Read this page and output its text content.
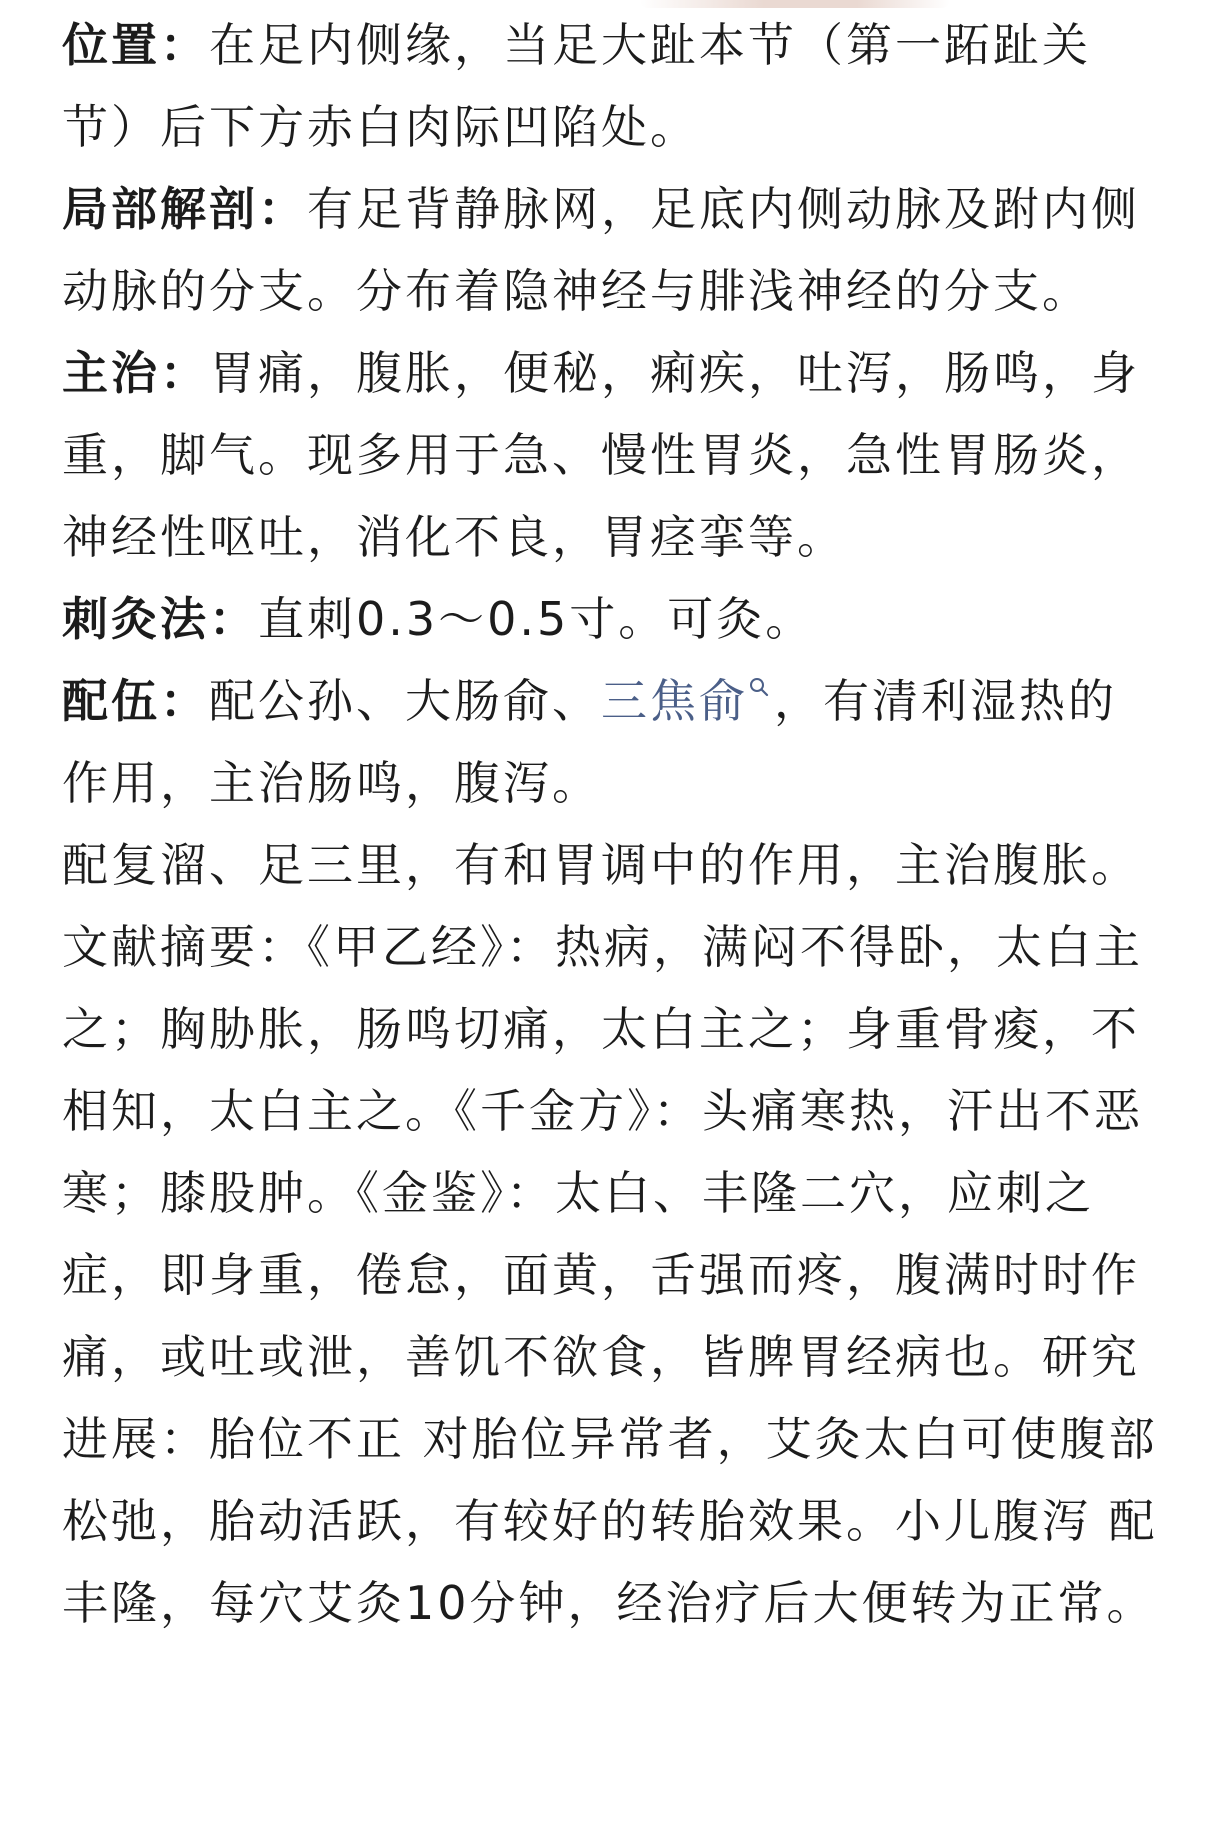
位置：在足内侧缘，当足大趾本节（第一跖趾关节）后下方赤白肉际凹陷处。

局部解剖：有足背静脉网，足底内侧动脉及跗内侧动脉的分支。分布着隐神经与腓浅神经的分支。

主治：胃痛，腹胀，便秘，痢疾，吐泻，肠鸣，身重，脚气。现多用于急、慢性胃炎，急性胃肠炎，神经性呕吐，消化不良，胃痉挛等。

刺灸法：直刺0.3～0.5寸。可灸。

配伍：配公孙、大肠俞、三焦俞 ，有清利湿热的作用，主治肠鸣，腹泻。

配复溜、足三里，有和胃调中的作用，主治腹胀。文献摘要：《甲乙经》：热病，满闷不得卧，太白主之；胸胁胀，肠鸣切痛，太白主之；身重骨痠，不相知，太白主之。《千金方》：头痛寒热，汗出不恶寒；膝股肿。《金鉴》：太白、丰隆二穴，应刺之症，即身重，倦怠，面黄，舌强而疼，腹满时时作痛，或吐或泄，善饥不欲食，皆脾胃经病也。研究进展：胎位不正 对胎位异常者，艾灸太白可使腹部松弛，胎动活跃，有较好的转胎效果。小儿腹泻 配丰隆，每穴艾灸10分钟，经治疗后大便转为正常。
